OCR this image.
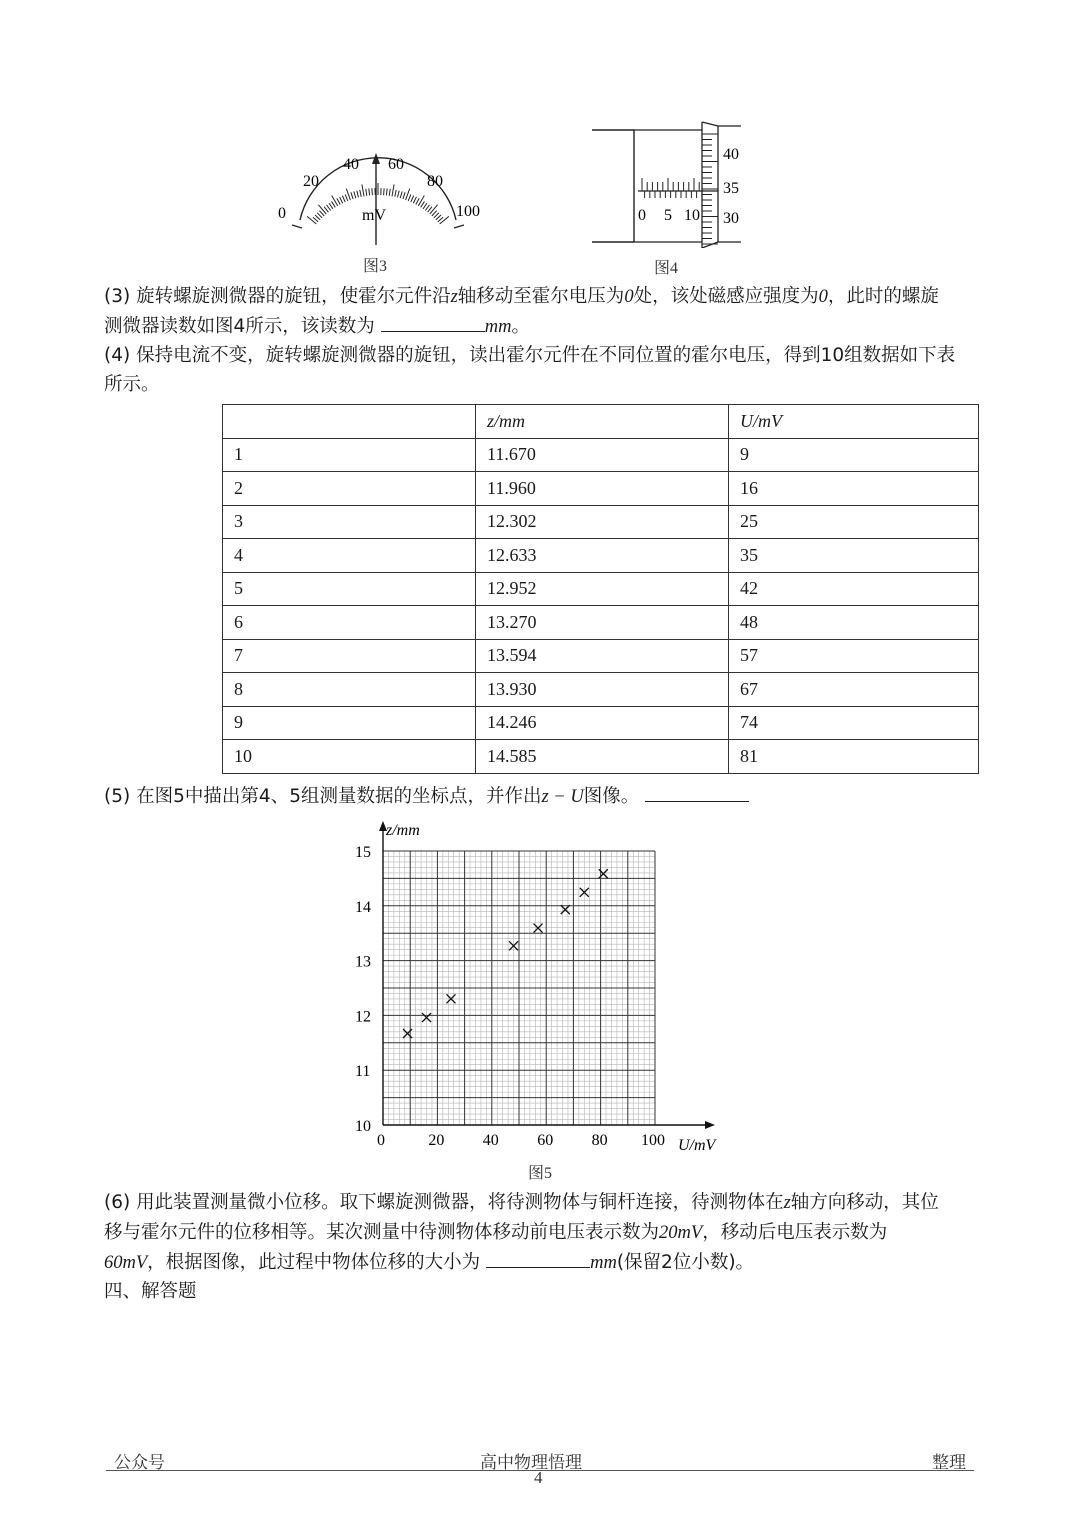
0
20
40 60
80
100
mV
图3
0 5 10
40
35
30
图4
(3) 旋转螺旋测微器的旋钮，使霍尔元件沿z轴移动至霍尔电压为0处，该处磁感应强度为0，此时的螺旋
测微器读数如图4所示，该读数为	mm。
(4) 保持电流不变，旋转螺旋测微器的旋钮，读出霍尔元件在不同位置的霍尔电压，得到10组数据如下表
所示。
	z/mm	U/mV
1	11.670	9
2	11.960	16
3	12.302	25
4	12.633	35
5	12.952	42
6	13.270	48
7	13.594	57
8	13.930	67
9	14.246	74
10	14.585	81
(5) 在图5中描出第4、5组测量数据的坐标点，并作出z − U图像。
0	20 40 60 80 100
10
11
12
13
14
15
z/mm
U/mV
图5
(6) 用此装置测量微小位移。取下螺旋测微器，将待测物体与铜杆连接，待测物体在z轴方向移动，其位
移与霍尔元件的位移相等。某次测量中待测物体移动前电压表示数为20mV，移动后电压表示数为
60mV，根据图像，此过程中物体位移的大小为	mm(保留2位小数)。
四、解答题
公众号	高中物理悟理	整理
4
